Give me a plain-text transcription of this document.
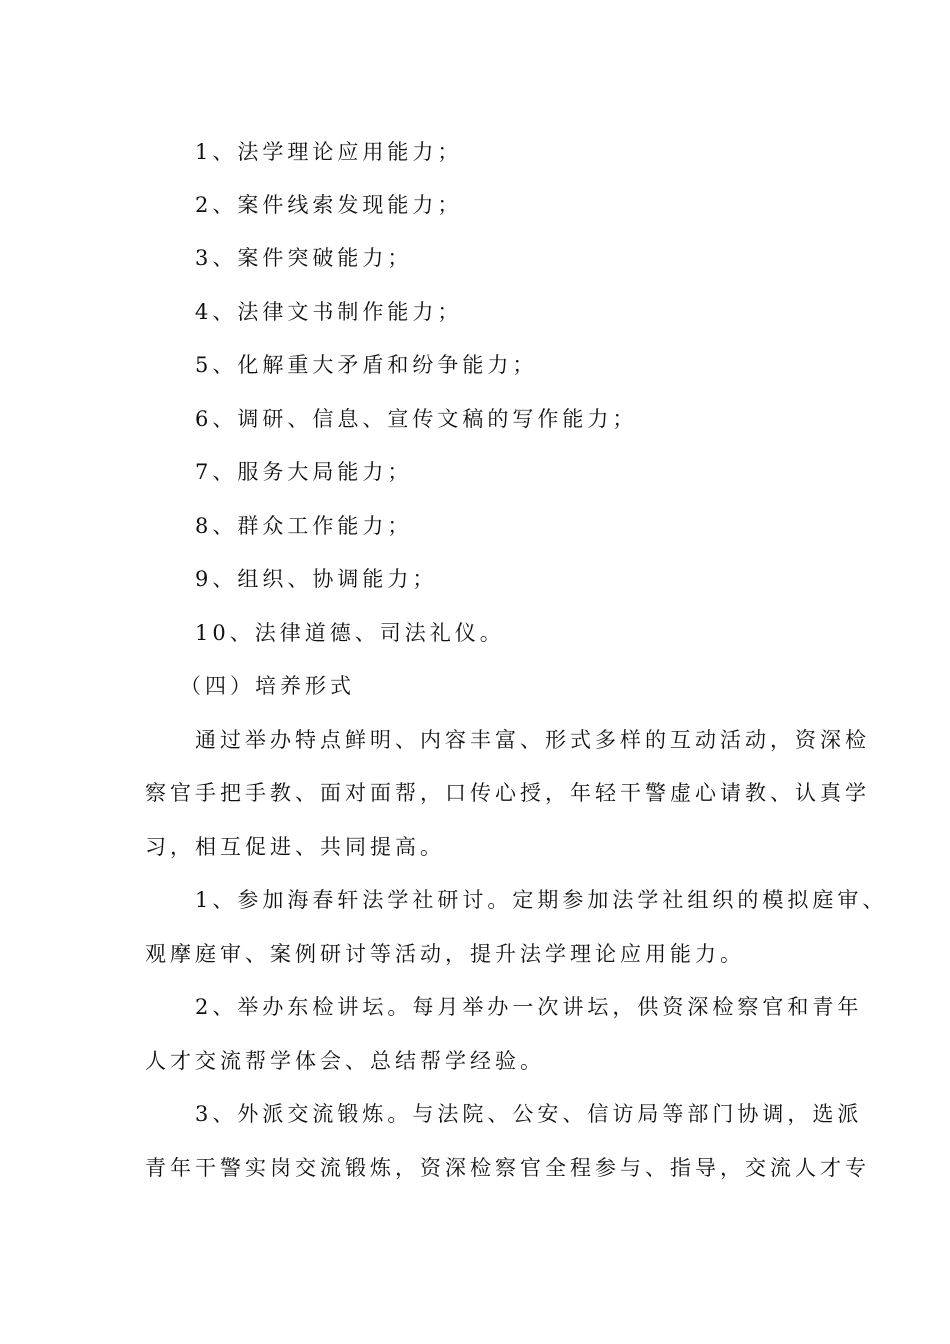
1、法学理论应用能力；
2、案件线索发现能力；
3、案件突破能力；
4、法律文书制作能力；
5、化解重大矛盾和纷争能力；
6、调研、信息、宣传文稿的写作能力；
7、服务大局能力；
8、群众工作能力；
9、组织、协调能力；
10、法律道德、司法礼仪。
（四）培养形式
通过举办特点鲜明、内容丰富、形式多样的互动活动，资深检
察官手把手教、面对面帮，口传心授，年轻干警虚心请教、认真学
习，相互促进、共同提高。
1、参加海春轩法学社研讨。定期参加法学社组织的模拟庭审、
观摩庭审、案例研讨等活动，提升法学理论应用能力。
2、举办东检讲坛。每月举办一次讲坛，供资深检察官和青年
人才交流帮学体会、总结帮学经验。
3、外派交流锻炼。与法院、公安、信访局等部门协调，选派
青年干警实岗交流锻炼，资深检察官全程参与、指导，交流人才专
